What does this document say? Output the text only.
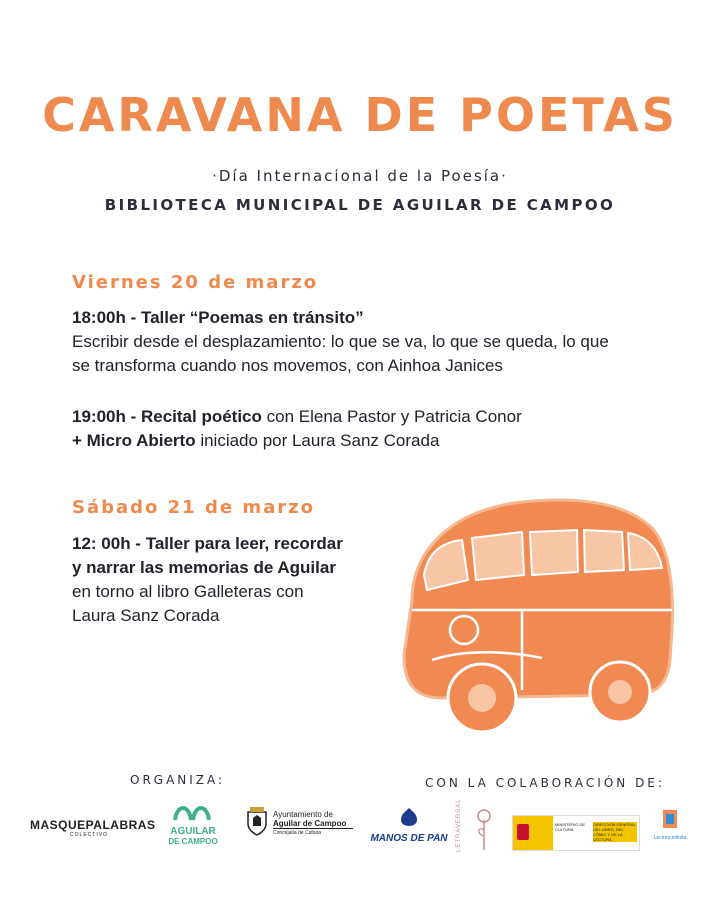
CARAVANA DE POETAS
·Día Internacional de la Poesía·
BIBLIOTECA MUNICIPAL DE AGUILAR DE CAMPOO
Viernes 20 de marzo
18:00h - Taller “Poemas en tránsito”
Escribir desde el desplazamiento: lo que se va, lo que se queda, lo que
se transforma cuando nos movemos, con Ainhoa Janices
19:00h - Recital poético con Elena Pastor y Patricia Conor
+ Micro Abierto iniciado por Laura Sanz Corada
Sábado 21 de marzo
12: 00h - Taller para leer, recordar
y narrar las memorias de Aguilar
en torno al libro Galleteras con
Laura Sanz Corada
ORGANIZA:	CON LA COLABORACIÓN DE:
MASQUEPALABRAS
COLECTIVO	AGUILAR
DE CAMPOO
Ayuntamiento de
Aguilar de Campoo
Concejalía de Cultura	MANOS DE PAN	LETRAVERSAL	MINISTERIO DE CULTURA
DIRECCIÓN GENERAL DEL LIBRO, DEL CÓMIC Y DE LA LECTURA	Lectura infinita
